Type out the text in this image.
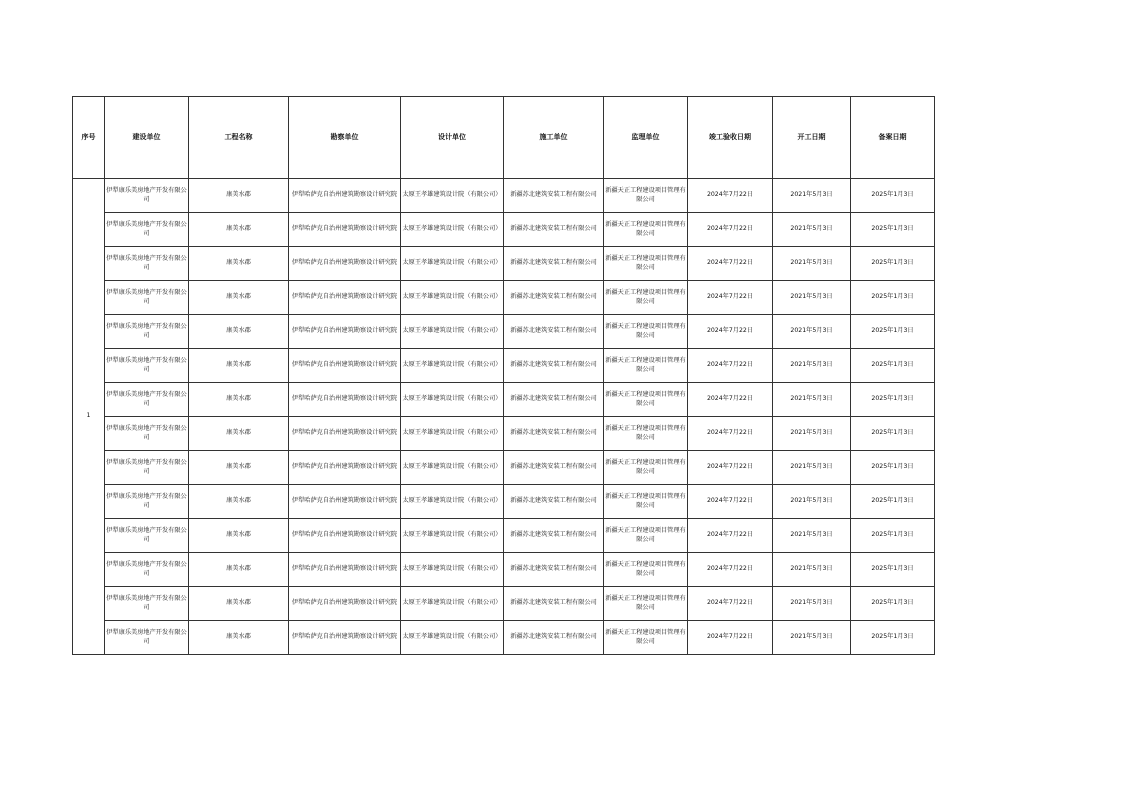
序号	建设单位	工程名称	勘察单位	设计单位	施工单位	监理单位	竣工验收日期	开工日期	备案日期
1	伊犁康乐美房地产开发有限公司	康美水郡	伊犁哈萨克自治州建筑勘察设计研究院	太原王孝雄建筑设计院（有限公司）	新疆苏北建筑安装工程有限公司	新疆天正工程建设项目管理有限公司	2024年7月22日	2021年5月3日	2025年1月3日
	伊犁康乐美房地产开发有限公司	康美水郡	伊犁哈萨克自治州建筑勘察设计研究院	太原王孝雄建筑设计院（有限公司）	新疆苏北建筑安装工程有限公司	新疆天正工程建设项目管理有限公司	2024年7月22日	2021年5月3日	2025年1月3日
	伊犁康乐美房地产开发有限公司	康美水郡	伊犁哈萨克自治州建筑勘察设计研究院	太原王孝雄建筑设计院（有限公司）	新疆苏北建筑安装工程有限公司	新疆天正工程建设项目管理有限公司	2024年7月22日	2021年5月3日	2025年1月3日
	伊犁康乐美房地产开发有限公司	康美水郡	伊犁哈萨克自治州建筑勘察设计研究院	太原王孝雄建筑设计院（有限公司）	新疆苏北建筑安装工程有限公司	新疆天正工程建设项目管理有限公司	2024年7月22日	2021年5月3日	2025年1月3日
	伊犁康乐美房地产开发有限公司	康美水郡	伊犁哈萨克自治州建筑勘察设计研究院	太原王孝雄建筑设计院（有限公司）	新疆苏北建筑安装工程有限公司	新疆天正工程建设项目管理有限公司	2024年7月22日	2021年5月3日	2025年1月3日
	伊犁康乐美房地产开发有限公司	康美水郡	伊犁哈萨克自治州建筑勘察设计研究院	太原王孝雄建筑设计院（有限公司）	新疆苏北建筑安装工程有限公司	新疆天正工程建设项目管理有限公司	2024年7月22日	2021年5月3日	2025年1月3日
	伊犁康乐美房地产开发有限公司	康美水郡	伊犁哈萨克自治州建筑勘察设计研究院	太原王孝雄建筑设计院（有限公司）	新疆苏北建筑安装工程有限公司	新疆天正工程建设项目管理有限公司	2024年7月22日	2021年5月3日	2025年1月3日
	伊犁康乐美房地产开发有限公司	康美水郡	伊犁哈萨克自治州建筑勘察设计研究院	太原王孝雄建筑设计院（有限公司）	新疆苏北建筑安装工程有限公司	新疆天正工程建设项目管理有限公司	2024年7月22日	2021年5月3日	2025年1月3日
	伊犁康乐美房地产开发有限公司	康美水郡	伊犁哈萨克自治州建筑勘察设计研究院	太原王孝雄建筑设计院（有限公司）	新疆苏北建筑安装工程有限公司	新疆天正工程建设项目管理有限公司	2024年7月22日	2021年5月3日	2025年1月3日
	伊犁康乐美房地产开发有限公司	康美水郡	伊犁哈萨克自治州建筑勘察设计研究院	太原王孝雄建筑设计院（有限公司）	新疆苏北建筑安装工程有限公司	新疆天正工程建设项目管理有限公司	2024年7月22日	2021年5月3日	2025年1月3日
	伊犁康乐美房地产开发有限公司	康美水郡	伊犁哈萨克自治州建筑勘察设计研究院	太原王孝雄建筑设计院（有限公司）	新疆苏北建筑安装工程有限公司	新疆天正工程建设项目管理有限公司	2024年7月22日	2021年5月3日	2025年1月3日
	伊犁康乐美房地产开发有限公司	康美水郡	伊犁哈萨克自治州建筑勘察设计研究院	太原王孝雄建筑设计院（有限公司）	新疆苏北建筑安装工程有限公司	新疆天正工程建设项目管理有限公司	2024年7月22日	2021年5月3日	2025年1月3日
	伊犁康乐美房地产开发有限公司	康美水郡	伊犁哈萨克自治州建筑勘察设计研究院	太原王孝雄建筑设计院（有限公司）	新疆苏北建筑安装工程有限公司	新疆天正工程建设项目管理有限公司	2024年7月22日	2021年5月3日	2025年1月3日
	伊犁康乐美房地产开发有限公司	康美水郡	伊犁哈萨克自治州建筑勘察设计研究院	太原王孝雄建筑设计院（有限公司）	新疆苏北建筑安装工程有限公司	新疆天正工程建设项目管理有限公司	2024年7月22日	2021年5月3日	2025年1月3日
